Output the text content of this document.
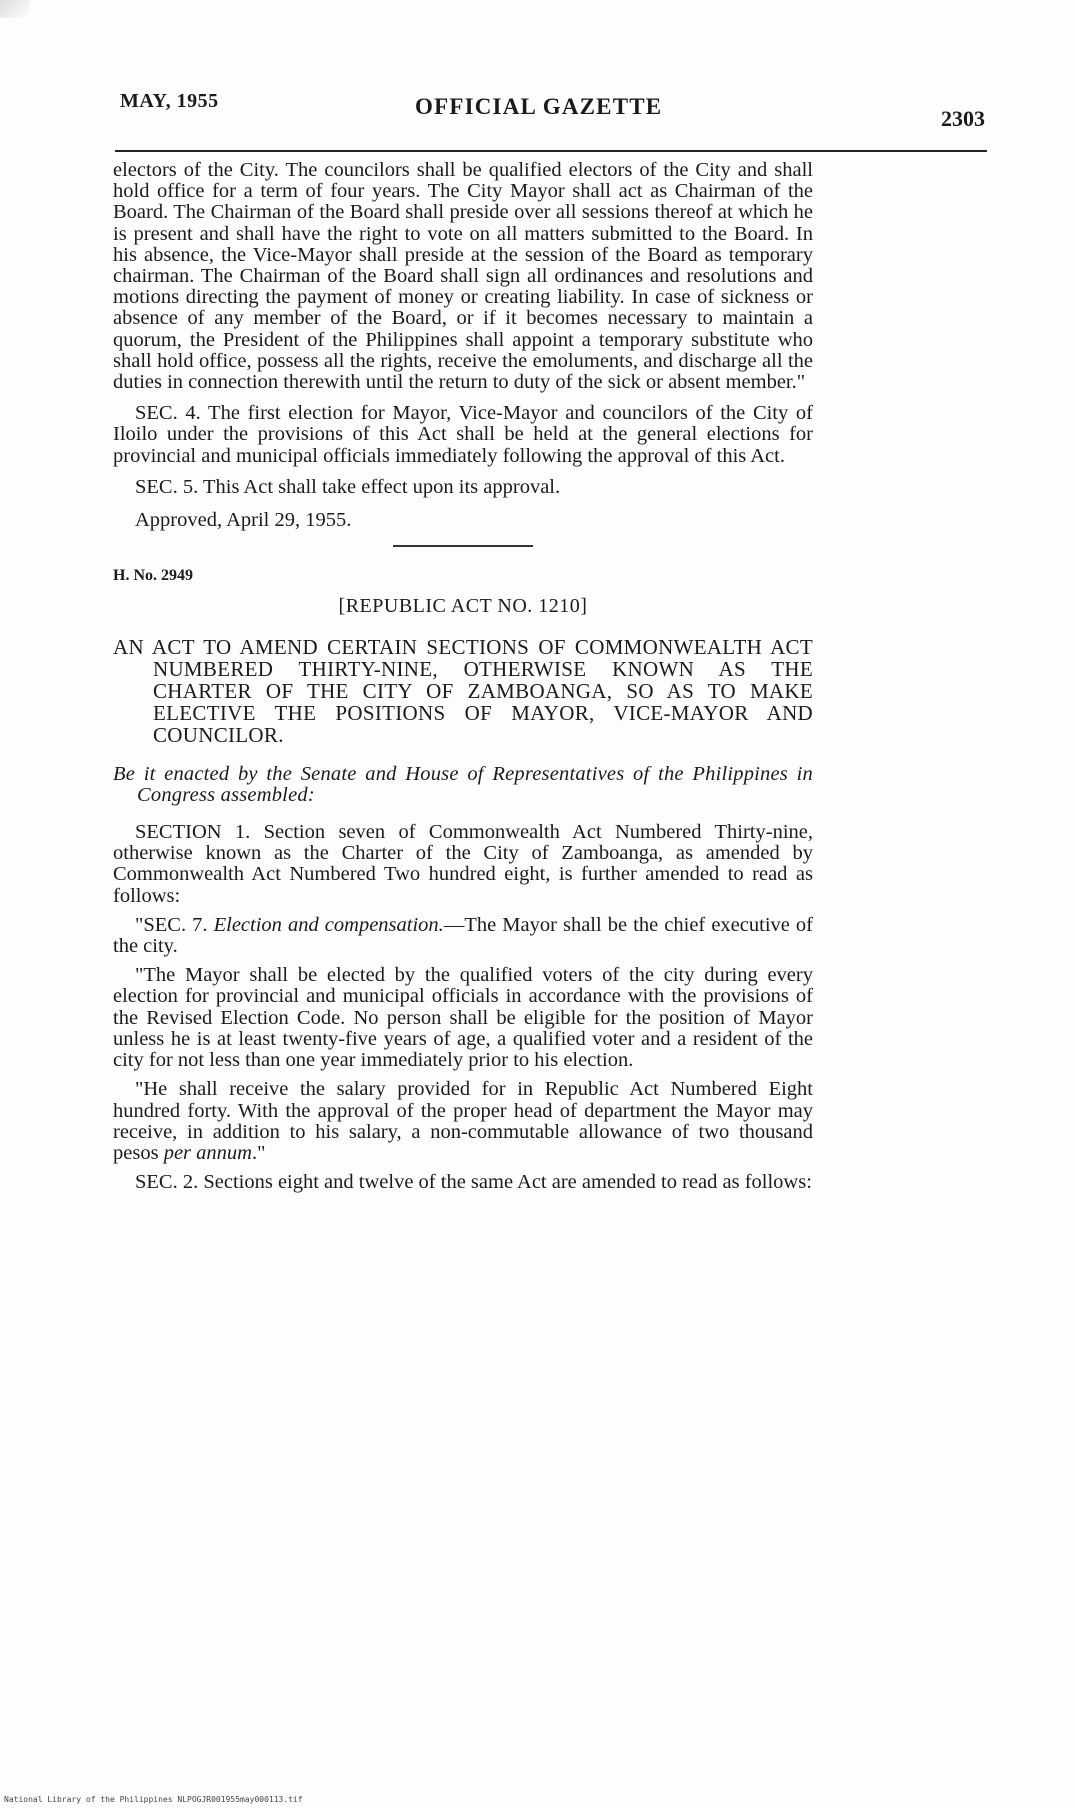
MAY, 1955	OFFICIAL GAZETTE	2303

electors of the City. The councilors shall be qualified electors of the City and shall hold office for a term of four years. The City Mayor shall act as Chairman of the Board. The Chairman of the Board shall preside over all sessions thereof at which he is present and shall have the right to vote on all matters submitted to the Board. In his absence, the Vice-Mayor shall preside at the session of the Board as temporary chairman. The Chairman of the Board shall sign all ordinances and resolutions and motions directing the payment of money or creating liability. In case of sickness or absence of any member of the Board, or if it becomes necessary to maintain a quorum, the President of the Philippines shall appoint a temporary substitute who shall hold office, possess all the rights, receive the emoluments, and discharge all the duties in connection therewith until the return to duty of the sick or absent member."

SEC. 4. The first election for Mayor, Vice-Mayor and councilors of the City of Iloilo under the provisions of this Act shall be held at the general elections for provincial and municipal officials immediately following the approval of this Act.

SEC. 5. This Act shall take effect upon its approval.

Approved, April 29, 1955.

H. No. 2949

[REPUBLIC ACT NO. 1210]

AN ACT TO AMEND CERTAIN SECTIONS OF COMMONWEALTH ACT NUMBERED THIRTY-NINE, OTHERWISE KNOWN AS THE CHARTER OF THE CITY OF ZAMBOANGA, SO AS TO MAKE ELECTIVE THE POSITIONS OF MAYOR, VICE-MAYOR AND COUNCILOR.

Be it enacted by the Senate and House of Representatives of the Philippines in Congress assembled:

SECTION 1. Section seven of Commonwealth Act Numbered Thirty-nine, otherwise known as the Charter of the City of Zamboanga, as amended by Commonwealth Act Numbered Two hundred eight, is further amended to read as follows:

"SEC. 7. Election and compensation.—The Mayor shall be the chief executive of the city.

"The Mayor shall be elected by the qualified voters of the city during every election for provincial and municipal officials in accordance with the provisions of the Revised Election Code. No person shall be eligible for the position of Mayor unless he is at least twenty-five years of age, a qualified voter and a resident of the city for not less than one year immediately prior to his election.

"He shall receive the salary provided for in Republic Act Numbered Eight hundred forty. With the approval of the proper head of department the Mayor may receive, in addition to his salary, a non-commutable allowance of two thousand pesos per annum."

SEC. 2. Sections eight and twelve of the same Act are amended to read as follows:

National Library of the Philippines NLPOGJR001955may000113.tif
